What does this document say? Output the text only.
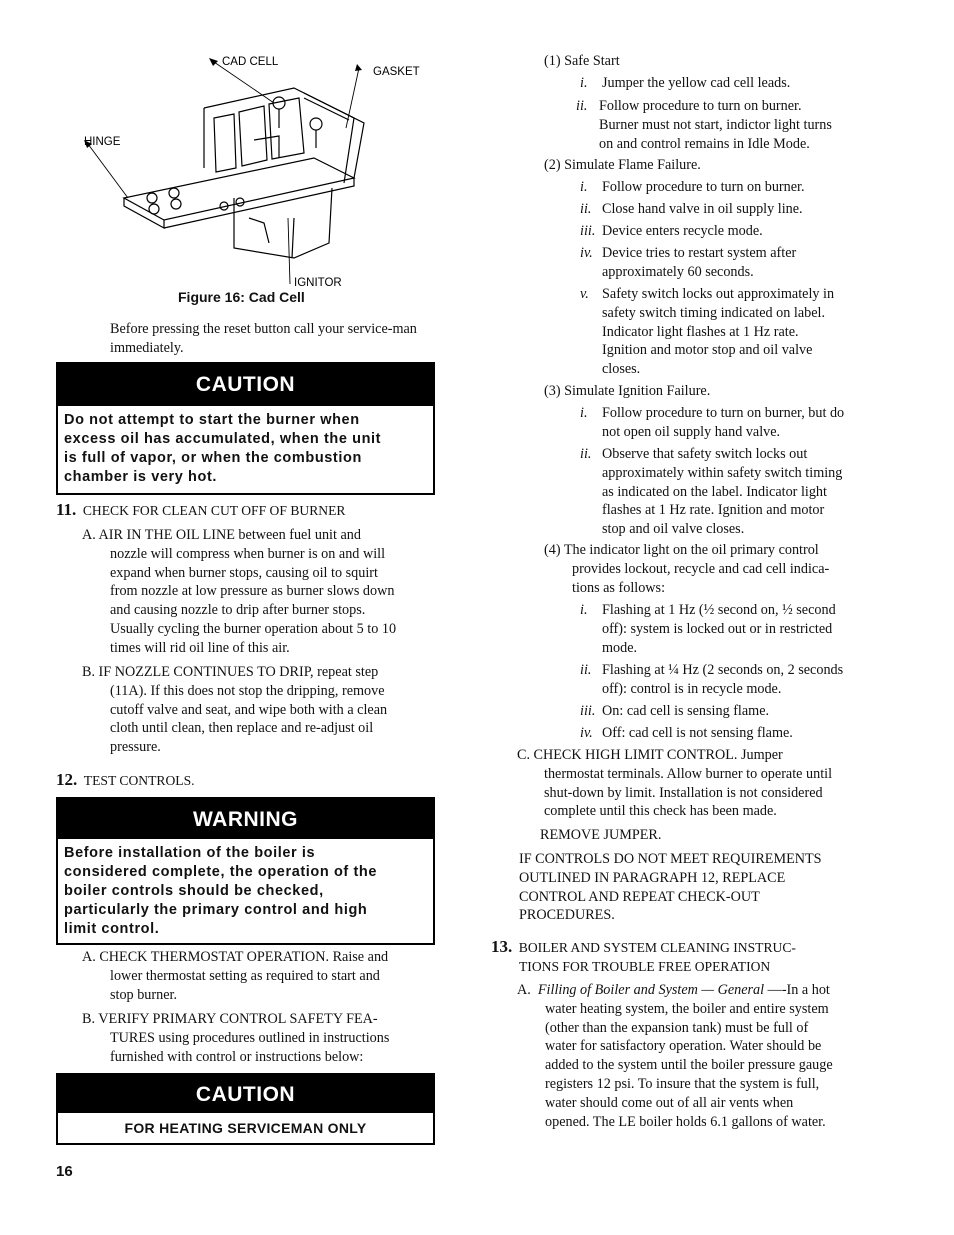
CAD CELL
GASKET
HINGE
IGNITOR
Figure 16: Cad Cell

Before pressing the reset button call your service-man immediately.

CAUTION
Do not attempt to start the burner when
excess oil has accumulated, when the unit
is full of vapor, or when the combustion
chamber is very hot.
11. CHECK FOR CLEAN CUT OFF OF BURNER
A. AIR IN THE OIL LINE between fuel unit and
nozzle will compress when burner is on and will
expand when burner stops, causing oil to squirt
from nozzle at low pressure as burner slows down
and causing nozzle to drip after burner stops.
Usually cycling the burner operation about 5 to 10
times will rid oil line of this air.
B. IF NOZZLE CONTINUES TO DRIP, repeat step
(11A). If this does not stop the dripping, remove
cutoff valve and seat, and wipe both with a clean
cloth until clean, then replace and re-adjust oil
pressure.
12. TEST CONTROLS.
WARNING
Before installation of the boiler is
considered complete, the operation of the
boiler controls should be checked,
particularly the primary control and high
limit control.
A. CHECK THERMOSTAT OPERATION. Raise and
lower thermostat setting as required to start and
stop burner.
B. VERIFY PRIMARY CONTROL SAFETY FEA-
TURES using procedures outlined in instructions
furnished with control or instructions below:
CAUTION
FOR HEATING SERVICEMAN ONLY
16
(1) Safe Start
i. Jumper the yellow cad cell leads.
ii. Follow procedure to turn on burner.
Burner must not start, indictor light turns
on and control remains in Idle Mode.
(2) Simulate Flame Failure.
i. Follow procedure to turn on burner.
ii. Close hand valve in oil supply line.
iii. Device enters recycle mode.
iv. Device tries to restart system after
approximately 60 seconds.
v. Safety switch locks out approximately in
safety switch timing indicated on label.
Indicator light flashes at 1 Hz rate.
Ignition and motor stop and oil valve
closes.
(3) Simulate Ignition Failure.
i. Follow procedure to turn on burner, but do
not open oil supply hand valve.
ii. Observe that safety switch locks out
approximately within safety switch timing
as indicated on the label. Indicator light
flashes at 1 Hz rate. Ignition and motor
stop and oil valve closes.
(4) The indicator light on the oil primary control
provides lockout, recycle and cad cell indica-
tions as follows:
i. Flashing at 1 Hz (½ second on, ½ second
off): system is locked out or in restricted
mode.
ii. Flashing at ¼ Hz (2 seconds on, 2 seconds
off): control is in recycle mode.
iii. On: cad cell is sensing flame.
iv. Off: cad cell is not sensing flame.
C. CHECK HIGH LIMIT CONTROL. Jumper
thermostat terminals. Allow burner to operate until
shut-down by limit. Installation is not considered
complete until this check has been made.
REMOVE JUMPER.
IF CONTROLS DO NOT MEET REQUIREMENTS
OUTLINED IN PARAGRAPH 12, REPLACE
CONTROL AND REPEAT CHECK-OUT
PROCEDURES.
13. BOILER AND SYSTEM CLEANING INSTRUC-
TIONS FOR TROUBLE FREE OPERATION
A.  Filling of Boiler and System — General —-In a hot
water heating system, the boiler and entire system
(other than the expansion tank) must be full of
water for satisfactory operation. Water should be
added to the system until the boiler pressure gauge
registers 12 psi. To insure that the system is full,
water should come out of all air vents when
opened. The LE boiler holds 6.1 gallons of water.
